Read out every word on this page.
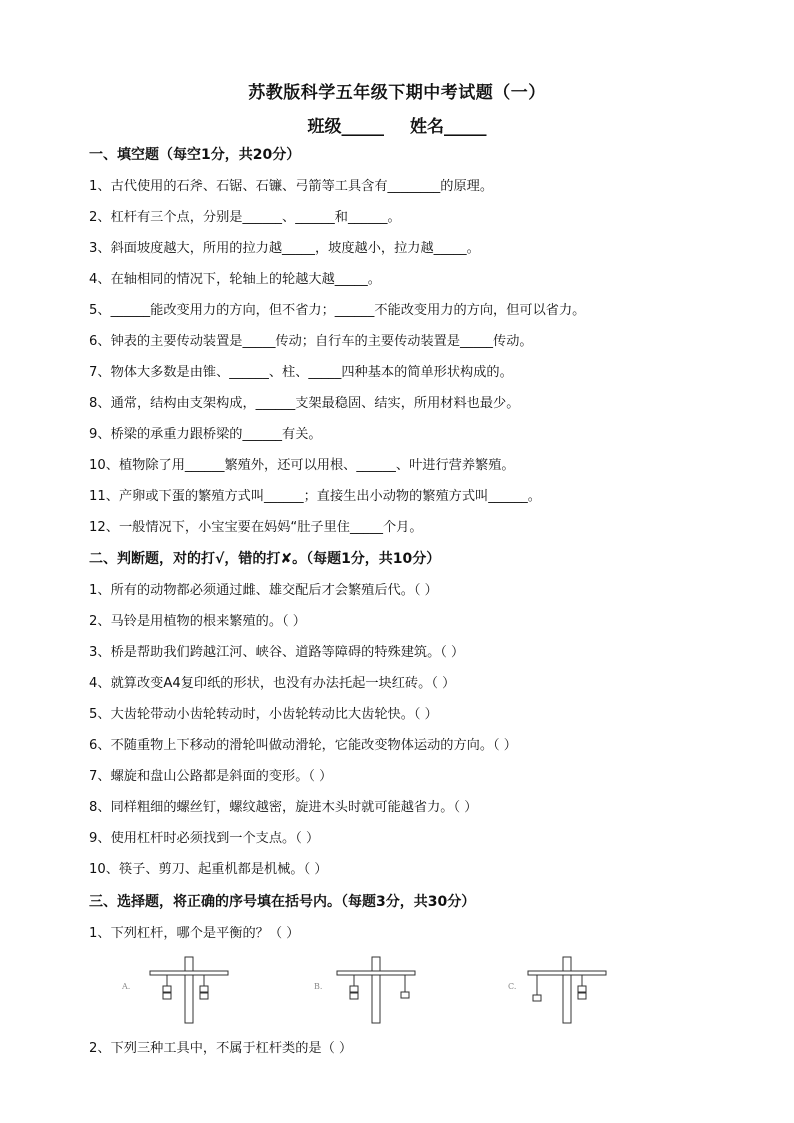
苏教版科学五年级下期中考试题（一）
班级_____ 姓名_____
一、填空题（每空1分，共20分）
1、古代使用的石斧、石锯、石镰、弓箭等工具含有________的原理。
2、杠杆有三个点，分别是______、______和______。
3、斜面坡度越大，所用的拉力越_____，坡度越小，拉力越_____。
4、在轴相同的情况下，轮轴上的轮越大越_____。
5、______能改变用力的方向，但不省力；______不能改变用力的方向，但可以省力。
6、钟表的主要传动装置是_____传动；自行车的主要传动装置是_____传动。
7、物体大多数是由锥、______、柱、_____四种基本的简单形状构成的。
8、通常，结构由支架构成，______支架最稳固、结实，所用材料也最少。
9、桥梁的承重力跟桥梁的______有关。
10、植物除了用______繁殖外，还可以用根、______、叶进行营养繁殖。
11、产卵或下蛋的繁殖方式叫______；直接生出小动物的繁殖方式叫______。
12、一般情况下，小宝宝要在妈妈“肚子里住_____个月。
二、判断题，对的打√，错的打✘。（每题1分，共10分）
1、所有的动物都必须通过雌、雄交配后才会繁殖后代。（ ）
2、马铃是用植物的根来繁殖的。（ ）
3、桥是帮助我们跨越江河、峡谷、道路等障碍的特殊建筑。（ ）
4、就算改变A4复印纸的形状，也没有办法托起一块红砖。（ ）
5、大齿轮带动小齿轮转动时，小齿轮转动比大齿轮快。（ ）
6、不随重物上下移动的滑轮叫做动滑轮，它能改变物体运动的方向。（ ）
7、螺旋和盘山公路都是斜面的变形。（ ）
8、同样粗细的螺丝钉，螺纹越密，旋进木头时就可能越省力。（ ）
9、使用杠杆时必须找到一个支点。（ ）
10、筷子、剪刀、起重机都是机械。（ ）
三、选择题，将正确的序号填在括号内。（每题3分，共30分）
1、下列杠杆，哪个是平衡的？（ ）
A.	B.	C.
2、下列三种工具中，不属于杠杆类的是（ ）
